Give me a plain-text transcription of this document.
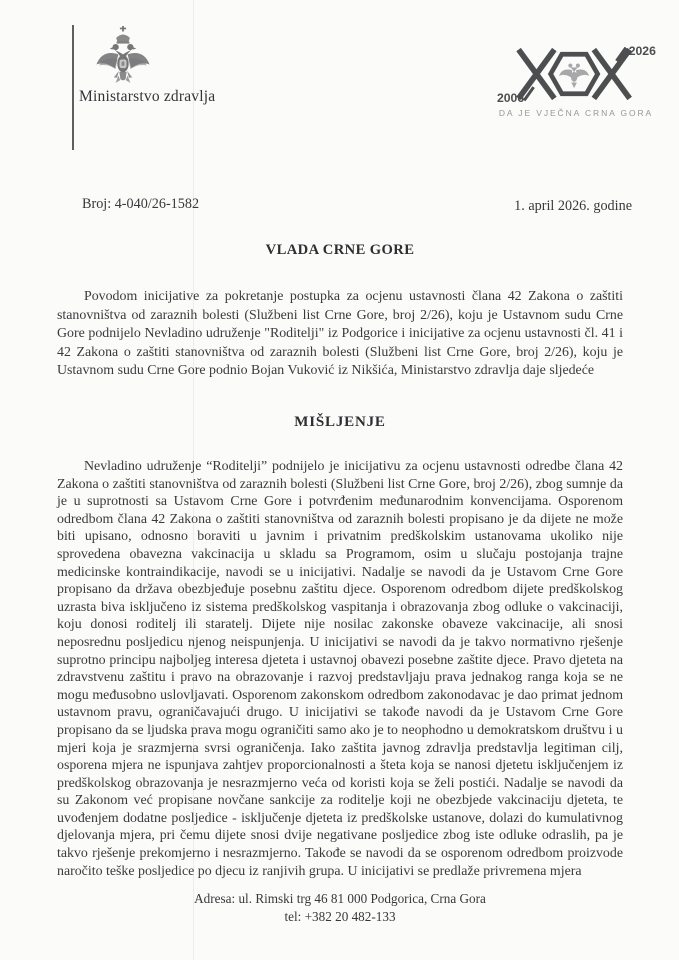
Ministarstvo zdravlja	2006
2026
DA JE VJEČNA CRNA GORA
Broj: 4-040/26-1582	1. april 2026. godine
VLADA CRNE GORE

Povodom inicijative za pokretanje postupka za ocjenu ustavnosti člana 42 Zakona o zaštiti stanovništva od zaraznih bolesti (Službeni list Crne Gore, broj 2/26), koju je Ustavnom sudu Crne Gore podnijelo Nevladino udruženje "Roditelji" iz Podgorice i inicijative za ocjenu ustavnosti čl. 41 i 42 Zakona o zaštiti stanovništva od zaraznih bolesti (Službeni list Crne Gore, broj 2/26), koju je Ustavnom sudu Crne Gore podnio Bojan Vuković iz Nikšića, Ministarstvo zdravlja daje sljedeće

MIŠLJENJE

Nevladino udruženje “Roditelji” podnijelo je inicijativu za ocjenu ustavnosti odredbe člana 42 Zakona o zaštiti stanovništva od zaraznih bolesti (Službeni list Crne Gore, broj 2/26), zbog sumnje da je u suprotnosti sa Ustavom Crne Gore i potvrđenim međunarodnim konvencijama. Osporenom odredbom člana 42 Zakona o zaštiti stanovništva od zaraznih bolesti propisano je da dijete ne može biti upisano, odnosno boraviti u javnim i privatnim predškolskim ustanovama ukoliko nije sprovedena obavezna vakcinacija u skladu sa Programom, osim u slučaju postojanja trajne medicinske kontraindikacije, navodi se u inicijativi. Nadalje se navodi da je Ustavom Crne Gore propisano da država obezbjeđuje posebnu zaštitu djece. Osporenom odredbom dijete predškolskog uzrasta biva isključeno iz sistema predškolskog vaspitanja i obrazovanja zbog odluke o vakcinaciji, koju donosi roditelj ili staratelj. Dijete nije nosilac zakonske obaveze vakcinacije, ali snosi neposrednu posljedicu njenog neispunjenja. U inicijativi se navodi da je takvo normativno rješenje suprotno principu najboljeg interesa djeteta i ustavnoj obavezi posebne zaštite djece. Pravo djeteta na zdravstvenu zaštitu i pravo na obrazovanje i razvoj predstavljaju prava jednakog ranga koja se ne mogu međusobno uslovljavati. Osporenom zakonskom odredbom zakonodavac je dao primat jednom ustavnom pravu, ograničavajući drugo. U inicijativi se takođe navodi da je Ustavom Crne Gore propisano da se ljudska prava mogu ograničiti samo ako je to neophodno u demokratskom društvu i u mjeri koja je srazmjerna svrsi ograničenja. Iako zaštita javnog zdravlja predstavlja legitiman cilj, osporena mjera ne ispunjava zahtjev proporcionalnosti a šteta koja se nanosi djetetu isključenjem iz predškolskog obrazovanja je nesrazmjerno veća od koristi koja se želi postići. Nadalje se navodi da su Zakonom već propisane novčane sankcije za roditelje koji ne obezbjede vakcinaciju djeteta, te uvođenjem dodatne posljedice - isključenje djeteta iz predškolske ustanove, dolazi do kumulativnog djelovanja mjera, pri čemu dijete snosi dvije negativane posljedice zbog iste odluke odraslih, pa je takvo rješenje prekomjerno i nesrazmjerno. Takođe se navodi da se osporenom odredbom proizvode naročito teške posljedice po djecu iz ranjivih grupa. U inicijativi se predlaže privremena mjera

Adresa: ul. Rimski trg 46 81 000 Podgorica, Crna Gora
tel: +382 20 482-133
